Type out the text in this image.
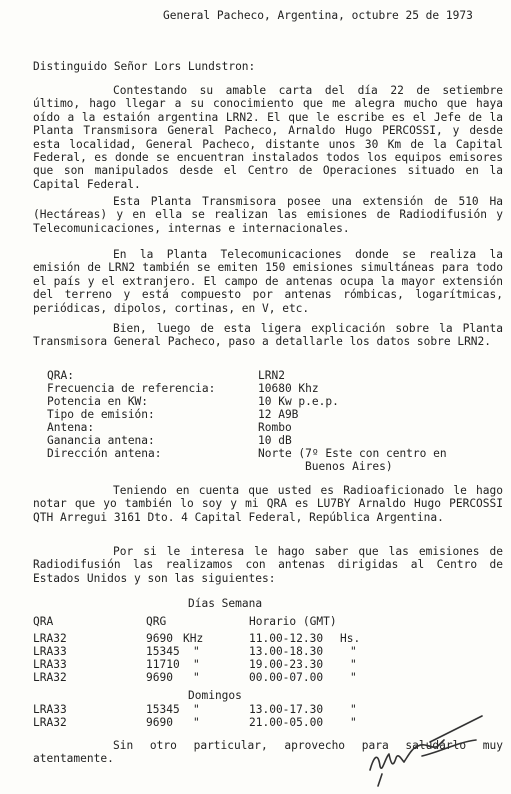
General Pacheco, Argentina, octubre 25 de 1973
Distinguido Señor Lors Lundstron:
Contestando su amable carta del día 22 de setiembre último, hago llegar a su conocimiento que me alegra mucho que haya oído a la estaión argentina LRN2. El que le escribe es el Jefe de la Planta Transmisora General Pacheco, Arnaldo Hugo PERCOSSI, y desde esta localidad, General Pacheco, distante unos 30 Km de la Capital Federal, es donde se encuentran instalados todos los equipos emisores que son manipulados desde el Centro de Operaciones situado en la Capital Federal.
Esta Planta Transmisora posee una extensión de 510 Ha (Hectáreas) y en ella se realizan las emisiones de Radiodifusión y Telecomunicaciones, internas e internacionales.
En la Planta Telecomunicaciones donde se realiza la emisión de LRN2 también se emiten 150 emisiones simultáneas para todo el país y el extranjero. El campo de antenas ocupa la mayor extensión del terreno y está compuesto por antenas rómbicas, logarítmicas, periódicas, dipolos, cortinas, en V, etc.
Bien, luego de esta ligera explicación sobre la Planta Transmisora General Pacheco, paso a detallarle los datos sobre LRN2.
QRA:	LRN2
Frecuencia de referencia:	10680 Khz
Potencia en KW:	10 Kw p.e.p.
Tipo de emisión:	12 A9B
Antena:	Rombo
Ganancia antena:	10 dB
Dirección antena:	Norte (7º Este con centro en
Buenos Aires)
Teniendo en cuenta que usted es Radioaficionado le hago notar que yo también lo soy y mi QRA es LU7BY Arnaldo Hugo PERCOSSI QTH Arregui 3161 Dto. 4 Capital Federal, República Argentina.
Por si le interesa le hago saber que las emisiones de Radiodifusión las realizamos con antenas dirigidas al Centro de Estados Unidos y son las siguientes:
Días Semana
QRA	QRG	Horario (GMT)
LRA32	9690 KHz	11.00-12.30 Hs.
LRA33	15345 "	13.00-18.30 "
LRA33	11710 "	19.00-23.30 "
LRA32	9690 "	00.00-07.00 "
Domingos
LRA33	15345 "	13.00-17.30 "
LRA32	9690 "	21.00-05.00 "
Sin otro particular, aprovecho para saludarlo muy atentamente.
